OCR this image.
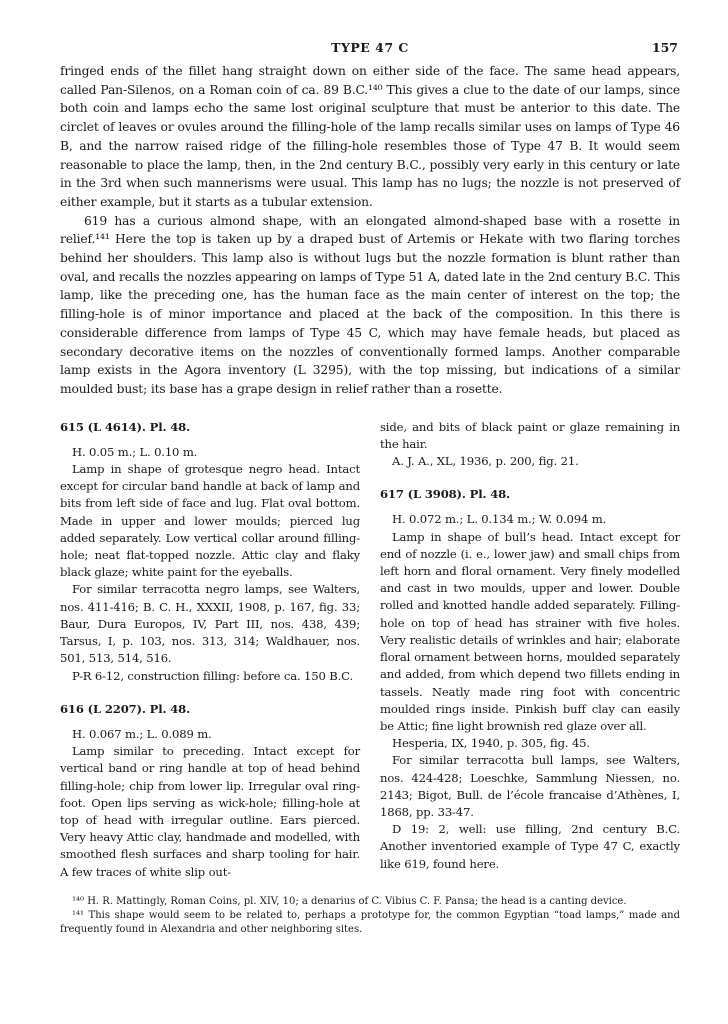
TYPE 47 C	157

fringed ends of the fillet hang straight down on either side of the face. The same head appears, called Pan-Silenos, on a Roman coin of ca. 89 B.C.¹⁴⁰ This gives a clue to the date of our lamps, since both coin and lamps echo the same lost original sculpture that must be anterior to this date. The circlet of leaves or ovules around the filling-hole of the lamp recalls similar uses on lamps of Type 46 B, and the narrow raised ridge of the filling-hole resembles those of Type 47 B. It would seem reasonable to place the lamp, then, in the 2nd century B.C., possibly very early in this century or late in the 3rd when such mannerisms were usual. This lamp has no lugs; the nozzle is not preserved of either example, but it starts as a tubular extension.

619 has a curious almond shape, with an elongated almond-shaped base with a rosette in relief.¹⁴¹ Here the top is taken up by a draped bust of Artemis or Hekate with two flaring torches behind her shoulders. This lamp also is without lugs but the nozzle formation is blunt rather than oval, and recalls the nozzles appearing on lamps of Type 51 A, dated late in the 2nd century B.C. This lamp, like the preceding one, has the human face as the main center of interest on the top; the filling-hole is of minor importance and placed at the back of the composition. In this there is considerable difference from lamps of Type 45 C, which may have female heads, but placed as secondary decorative items on the nozzles of conventionally formed lamps. Another comparable lamp exists in the Agora inventory (L 3295), with the top missing, but indications of a similar moulded bust; its base has a grape design in relief rather than a rosette.

615 (L 4614). Pl. 48.

H. 0.05 m.; L. 0.10 m.

Lamp in shape of grotesque negro head. Intact except for circular band handle at back of lamp and bits from left side of face and lug. Flat oval bottom. Made in upper and lower moulds; pierced lug added separately. Low vertical collar around filling-hole; neat flat-topped nozzle. Attic clay and flaky black glaze; white paint for the eyeballs.

For similar terracotta negro lamps, see Walters, nos. 411-416; B. C. H., XXXII, 1908, p. 167, fig. 33; Baur, Dura Europos, IV, Part III, nos. 438, 439; Tarsus, I, p. 103, nos. 313, 314; Waldhauer, nos. 501, 513, 514, 516.

P-R 6-12, construction filling: before ca. 150 B.C.

616 (L 2207). Pl. 48.

H. 0.067 m.; L. 0.089 m.

Lamp similar to preceding. Intact except for vertical band or ring handle at top of head behind filling-hole; chip from lower lip. Irregular oval ring-foot. Open lips serving as wick-hole; filling-hole at top of head with irregular outline. Ears pierced. Very heavy Attic clay, handmade and modelled, with smoothed flesh surfaces and sharp tooling for hair. A few traces of white slip out-

side, and bits of black paint or glaze remaining in the hair.

A. J. A., XL, 1936, p. 200, fig. 21.

617 (L 3908). Pl. 48.

H. 0.072 m.; L. 0.134 m.; W. 0.094 m.

Lamp in shape of bull’s head. Intact except for end of nozzle (i. e., lower jaw) and small chips from left horn and floral ornament. Very finely modelled and cast in two moulds, upper and lower. Double rolled and knotted handle added separately. Filling-hole on top of head has strainer with five holes. Very realistic details of wrinkles and hair; elaborate floral ornament between horns, moulded separately and added, from which depend two fillets ending in tassels. Neatly made ring foot with concentric moulded rings inside. Pinkish buff clay can easily be Attic; fine light brownish red glaze over all.

Hesperia, IX, 1940, p. 305, fig. 45.

For similar terracotta bull lamps, see Walters, nos. 424-428; Loeschke, Sammlung Niessen, no. 2143; Bigot, Bull. de l’école francaise d’Athènes, I, 1868, pp. 33-47.

D 19: 2, well: use filling, 2nd century B.C. Another inventoried example of Type 47 C, exactly like 619, found here.

¹⁴⁰ H. R. Mattingly, Roman Coins, pl. XIV, 10; a denarius of C. Vibius C. F. Pansa; the head is a canting device.

¹⁴¹ This shape would seem to be related to, perhaps a prototype for, the common Egyptian “toad lamps,” made and frequently found in Alexandria and other neighboring sites.
